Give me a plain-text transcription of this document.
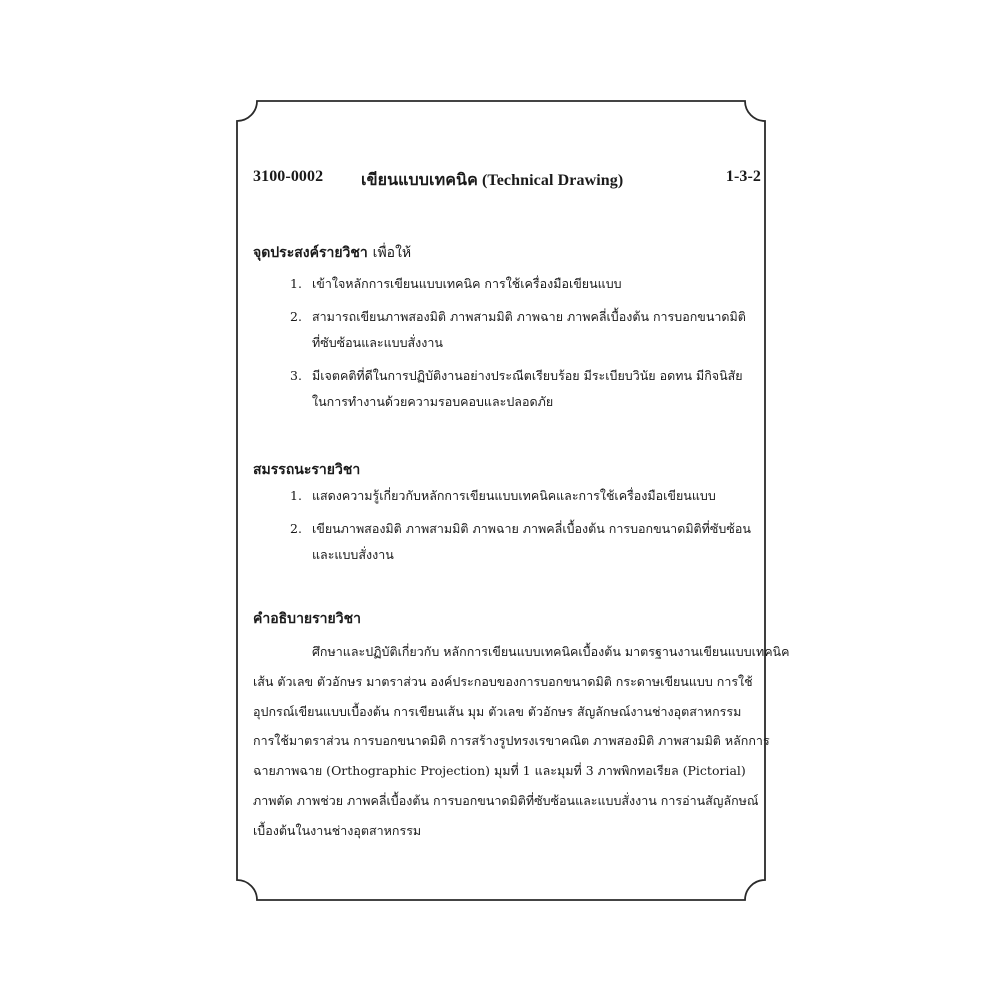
3100-0002 เขียนแบบเทคนิค (Technical Drawing)	1-3-2
จุดประสงค์รายวิชา เพื่อให้
1. เข้าใจหลักการเขียนแบบเทคนิค การใช้เครื่องมือเขียนแบบ
2. สามารถเขียนภาพสองมิติ ภาพสามมิติ ภาพฉาย ภาพคลี่เบื้องต้น การบอกขนาดมิติ
ที่ซับซ้อนและแบบสั่งงาน
3. มีเจตคติที่ดีในการปฏิบัติงานอย่างประณีตเรียบร้อย มีระเบียบวินัย อดทน มีกิจนิสัย
ในการทำงานด้วยความรอบคอบและปลอดภัย
สมรรถนะรายวิชา
1. แสดงความรู้เกี่ยวกับหลักการเขียนแบบเทคนิคและการใช้เครื่องมือเขียนแบบ
2. เขียนภาพสองมิติ ภาพสามมิติ ภาพฉาย ภาพคลี่เบื้องต้น การบอกขนาดมิติที่ซับซ้อน
และแบบสั่งงาน
คำอธิบายรายวิชา
ศึกษาและปฏิบัติเกี่ยวกับ หลักการเขียนแบบเทคนิคเบื้องต้น มาตรฐานงานเขียนแบบเทคนิค
เส้น ตัวเลข ตัวอักษร มาตราส่วน องค์ประกอบของการบอกขนาดมิติ กระดาษเขียนแบบ การใช้
อุปกรณ์เขียนแบบเบื้องต้น การเขียนเส้น มุม ตัวเลข ตัวอักษร สัญลักษณ์งานช่างอุตสาหกรรม
การใช้มาตราส่วน การบอกขนาดมิติ การสร้างรูปทรงเรขาคณิต ภาพสองมิติ ภาพสามมิติ หลักการ
ฉายภาพฉาย (Orthographic Projection) มุมที่ 1 และมุมที่ 3 ภาพพิกทอเรียล (Pictorial)
ภาพตัด ภาพช่วย ภาพคลี่เบื้องต้น การบอกขนาดมิติที่ซับซ้อนและแบบสั่งงาน การอ่านสัญลักษณ์
เบื้องต้นในงานช่างอุตสาหกรรม
